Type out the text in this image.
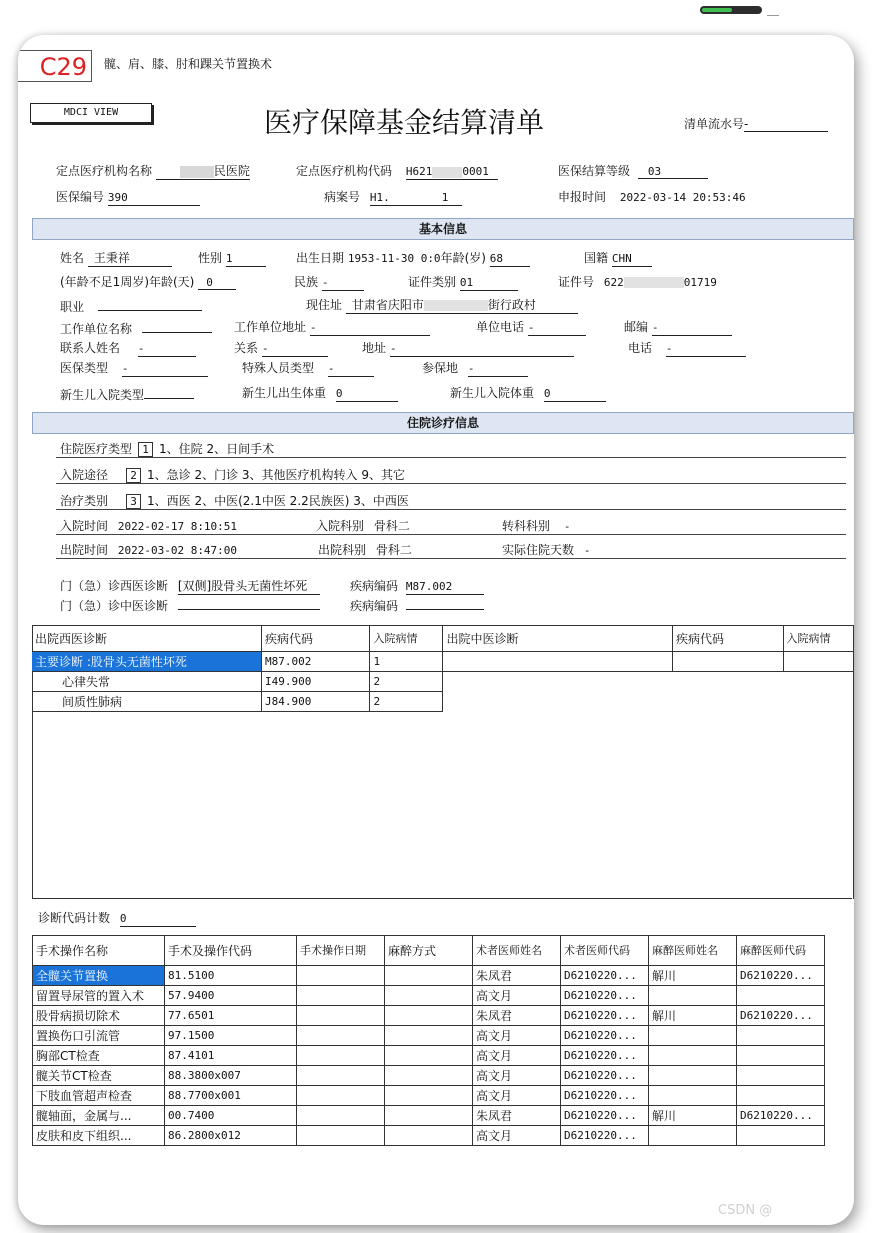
C29	髋、肩、膝、肘和踝关节置换术
MDCI VIEW	医疗保障基金结算清单	清单流水号-
定点医疗机构名称	民医院	定点医疗机构代码 H621	0001	医保结算等级 03
医保编号 390	病案号 H1.	1	申报时间 2022-03-14 20:53:46
基本信息
姓名 王秉祥	性别 1	出生日期 1953-11-30 0:0年龄(岁) 68	国籍 CHN
(年龄不足1周岁)年龄(天) 0	民族 -	证件类别 01	证件号 622	01719
职业	现住址 甘肃省庆阳市	街行政村
工作单位名称	工作单位地址 -	单位电话 -	邮编 -
联系人姓名 -	关系 -	地址 -	电话 -
医保类型 -	特殊人员类型 -	参保地 -
新生儿入院类型	新生儿出生体重 0	新生儿入院体重 0
住院诊疗信息
住院医疗类型 1 1、住院 2、日间手术
入院途径 2 1、急诊 2、门诊 3、其他医疗机构转入 9、其它
治疗类别 3 1、西医 2、中医(2.1中医 2.2民族医) 3、中西医
入院时间 2022-02-17 8:10:51	入院科别 骨科二	转科科别 -
出院时间 2022-03-02 8:47:00	出院科别 骨科二	实际住院天数 -
门（急）诊西医诊断 [双侧]股骨头无菌性坏死	疾病编码 M87.002
门（急）诊中医诊断	疾病编码
出院西医诊断	疾病代码	入院病情	出院中医诊断	疾病代码	入院病情
主要诊断 :股骨头无菌性坏死	M87.002	1			
心律失常	I49.900	2			
间质性肺病	J84.900	2			
诊断代码计数 0
手术操作名称	手术及操作代码	手术操作日期	麻醉方式	术者医师姓名	术者医师代码	麻醉医师姓名	麻醉医师代码
全髋关节置换	81.5100			朱凤君	D6210220...	解川	D6210220...
留置导尿管的置入术	57.9400			高文月	D6210220...		
股骨病损切除术	77.6501			朱凤君	D6210220...	解川	D6210220...
置换伤口引流管	97.1500			高文月	D6210220...		
胸部CT检查	87.4101			高文月	D6210220...		
髋关节CT检查	88.3800x007			高文月	D6210220...		
下肢血管超声检查	88.7700x001			高文月	D6210220...		
髋轴面，金属与...	00.7400			朱凤君	D6210220...	解川	D6210220...
皮肤和皮下组织...	86.2800x012			高文月	D6210220...		
CSDN @
